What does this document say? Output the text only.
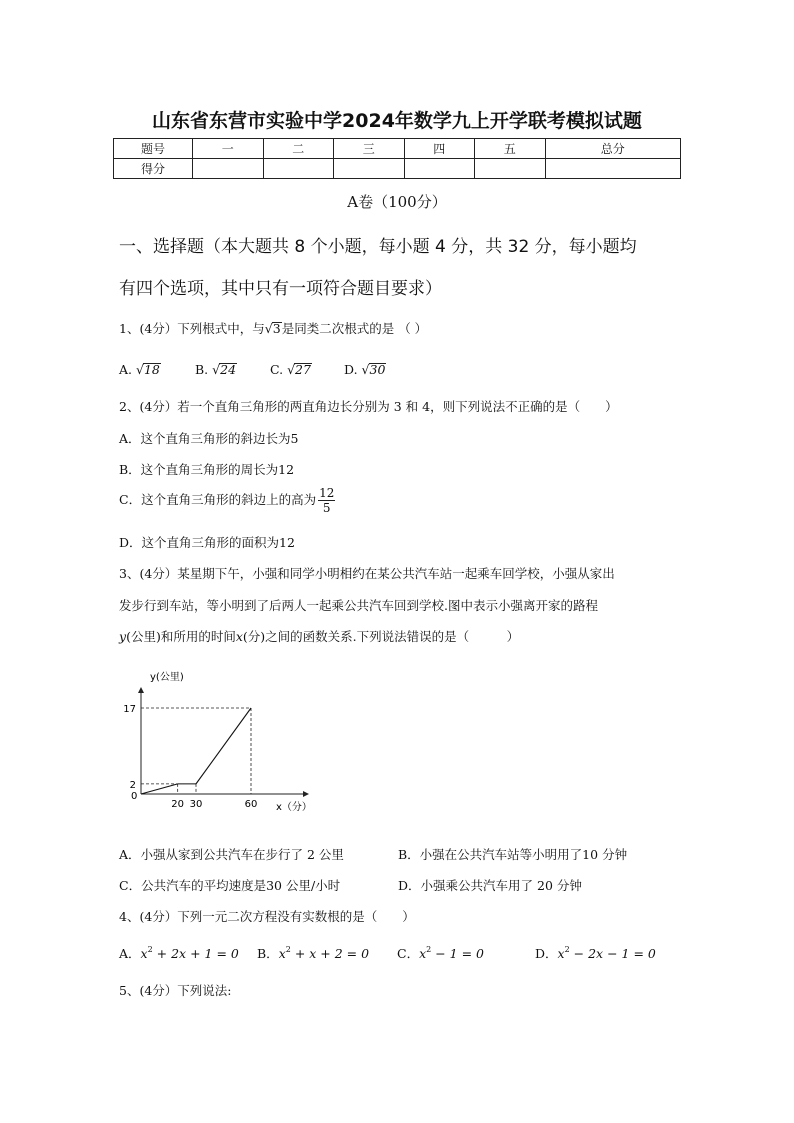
山东省东营市实验中学2024年数学九上开学联考模拟试题
题号	一	二	三	四	五	总分
得分						
A卷（100分）
一、选择题（本大题共 8 个小题，每小题 4 分，共 32 分，每小题均
有四个选项，其中只有一项符合题目要求）
1、(4分）下列根式中，与√3是同类二次根式的是 （ ）
A. √18	B. √24	C. √27	D. √30
2、(4分）若一个直角三角形的两直角边长分别为 3 和 4，则下列说法不正确的是（　　）
A．这个直角三角形的斜边长为5
B．这个直角三角形的周长为12
C．这个直角三角形的斜边上的高为 $\frac{12}{5}$
D．这个直角三角形的面积为12
3、(4分）某星期下午，小强和同学小明相约在某公共汽车站一起乘车回学校，小强从家出
发步行到车站，等小明到了后两人一起乘公共汽车回到学校.图中表示小强离开家的路程
y(公里)和所用的时间x(分)之间的函数关系.下列说法错误的是（　　　）
y(公里)
x（分）
0
20 30	60
2
17
A．小强从家到公共汽车在步行了 2 公里	B．小强在公共汽车站等小明用了10 分钟
C．公共汽车的平均速度是30 公里/小时	D．小强乘公共汽车用了 20 分钟
4、(4分）下列一元二次方程没有实数根的是（　　）
A．$x^2 + 2x + 1 = 0$ B．$x^2 + x + 2 = 0$ C．$x^2 - 1 = 0$	D．$x^2 - 2x - 1 = 0$
5、(4分）下列说法:
